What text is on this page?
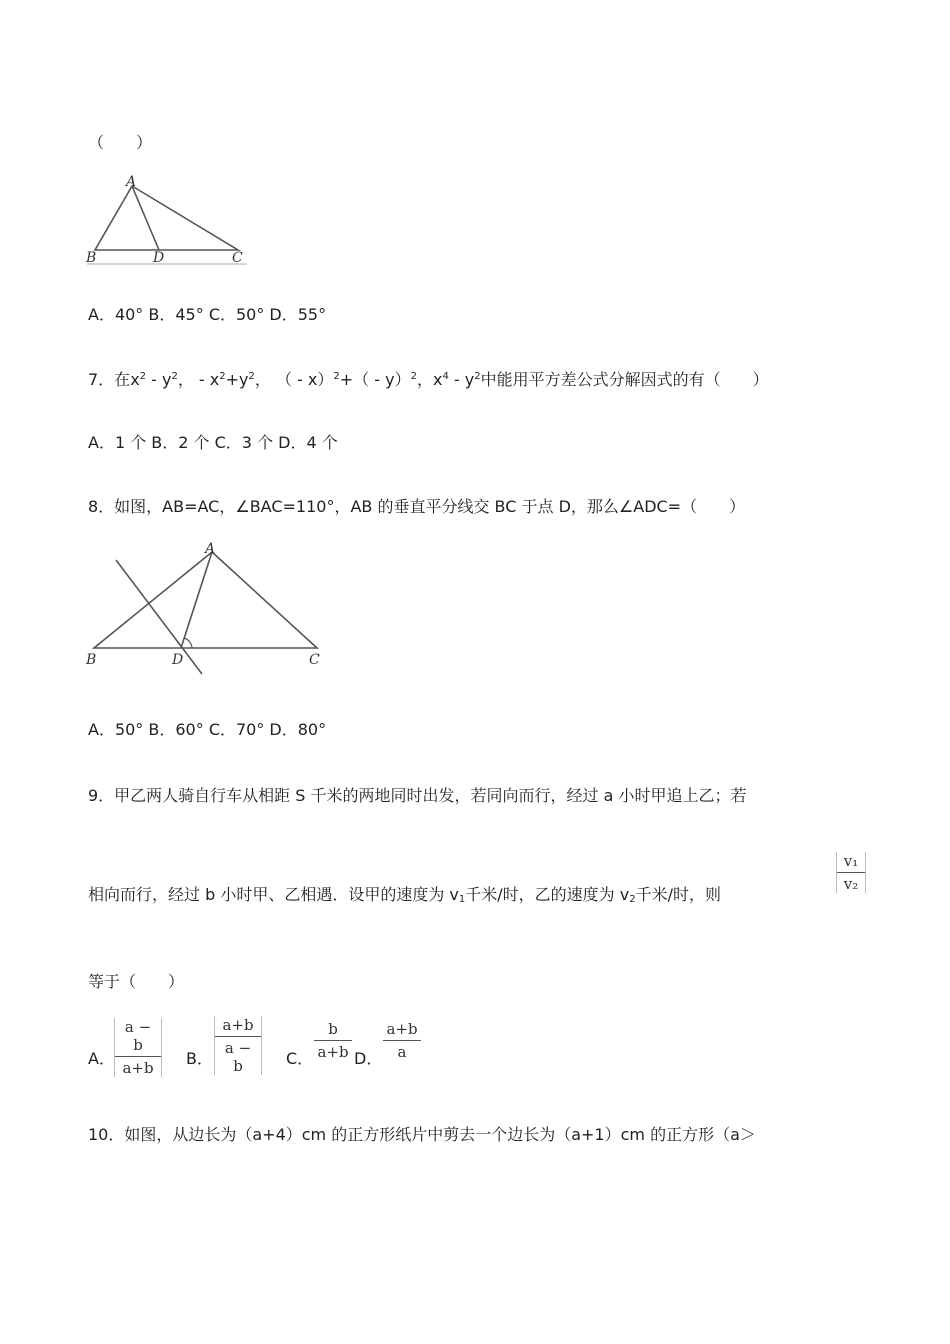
（　　）
A
B	D	C
A．40° B．45° C．50° D．55°
7．在$x^2 - y^2$， - $x^2+y^2$， （ - x）$^2$+（ - y）$^2$，$x^4 - y^2$中能用平方差公式分解因式的有（　　）
A．1 个 B．2 个 C．3 个 D．4 个
8．如图，AB=AC，∠BAC=110°，AB 的垂直平分线交 BC 于点 D，那么∠ADC=（　　）
A
B	D	C
A．50° B．60° C．70° D．80°
9．甲乙两人骑自行车从相距 S 千米的两地同时出发，若同向而行，经过 a 小时甲追上乙；若
相向而行，经过 b 小时甲、乙相遇．设甲的速度为 $v_1$千米/时，乙的速度为 $v_2$千米/时，则
$\frac{\text{v₁}}{\text{v₂}}$
等于（　　）
A． $\frac{a - b}{a+b}$ B． $\frac{a+b}{a - b}$ C． $\frac{b}{a+b}$ D． $\frac{a+b}{a}$
10．如图，从边长为（a+4）cm 的正方形纸片中剪去一个边长为（a+1）cm 的正方形（a＞
